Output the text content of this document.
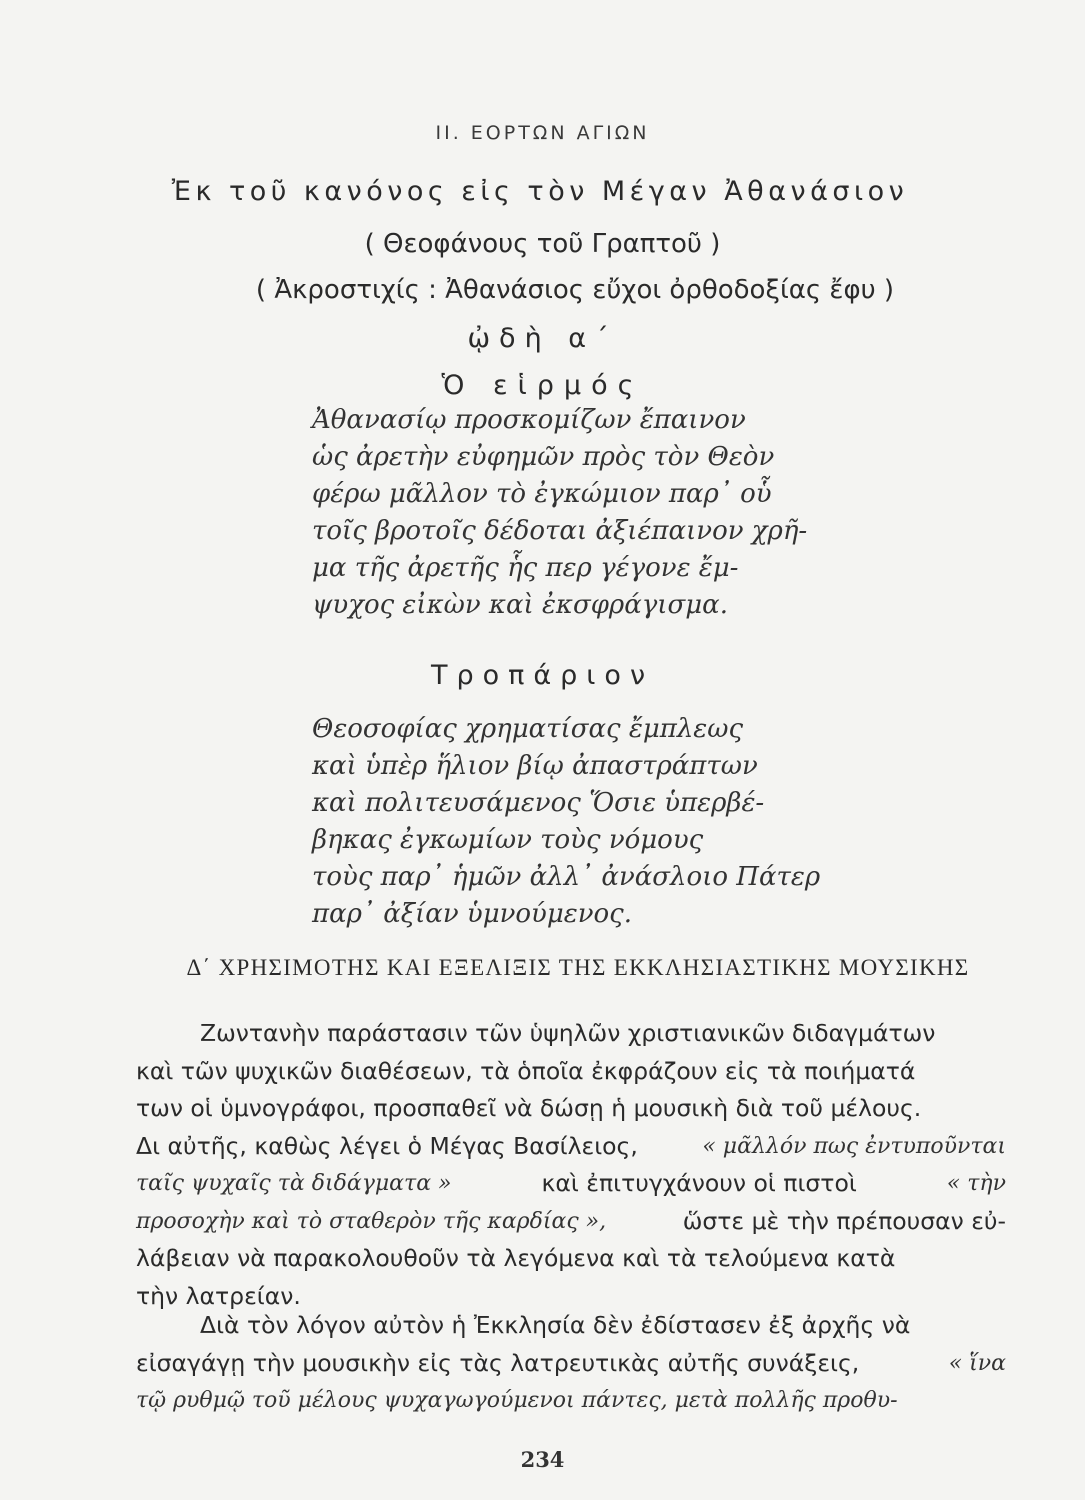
II. ΕΟΡΤΩΝ ΑΓΙΩΝ
Ἐκ τοῦ κανόνος εἰς τὸν Μέγαν Ἀθανάσιον
( Θεοφάνους τοῦ Γραπτοῦ )
( Ἀκροστιχίς : Ἀθανάσιος εὔχοι ὀρθοδοξίας ἔφυ )
ᾠδὴ α΄
Ὁ εἱρμός
Ἀθανασίῳ προσκομίζων ἔπαινον
ὡς ἀρετὴν εὐφημῶν πρὸς τὸν Θεὸν
φέρω μᾶλλον τὸ ἐγκώμιον παρ᾽ οὗ
τοῖς βροτοῖς δέδοται ἀξιέπαινον χρῆ-
μα τῆς ἀρετῆς ἧς περ γέγονε ἔμ-
ψυχος εἰκὼν καὶ ἐκσφράγισμα.
Τροπάριον
Θεοσοφίας χρηματίσας ἔμπλεως
καὶ ὑπὲρ ἥλιον βίῳ ἀπαστράπτων
καὶ πολιτευσάμενος Ὅσιε ὑπερβέ-
βηκας ἐγκωμίων τοὺς νόμους
τοὺς παρ᾽ ἡμῶν ἀλλ᾽ ἀνάσλοιο Πάτερ
παρ᾽ ἀξίαν ὑμνούμενος.
Δ΄ ΧΡΗΣΙΜΟΤΗΣ ΚΑΙ ΕΞΕΛΙΞΙΣ ΤΗΣ ΕΚΚΛΗΣΙΑΣΤΙΚΗΣ ΜΟΥΣΙΚΗΣ
Ζωντανὴν παράστασιν τῶν ὑψηλῶν χριστιανικῶν διδαγμάτων
καὶ τῶν ψυχικῶν διαθέσεων, τὰ ὁποῖα ἐκφράζουν εἰς τὰ ποιήματά
των οἱ ὑμνογράφοι, προσπαθεῖ νὰ δώσῃ ἡ μουσικὴ διὰ τοῦ μέλους.
Δι αὐτῆς, καθὼς λέγει ὁ Μέγας Βασίλειος,	« μᾶλλόν πως ἐντυποῦνται
ταῖς ψυχαῖς τὰ διδάγματα »	καὶ ἐπιτυγχάνουν οἱ πιστοὶ	« τὴν
προσοχὴν καὶ τὸ σταθερὸν τῆς καρδίας »,	ὥστε μὲ τὴν πρέπουσαν εὐ-
λάβειαν νὰ παρακολουθοῦν τὰ λεγόμενα καὶ τὰ τελούμενα κατὰ
τὴν λατρείαν.
Διὰ τὸν λόγον αὐτὸν ἡ Ἐκκλησία δὲν ἐδίστασεν ἐξ ἀρχῆς νὰ
εἰσαγάγῃ τὴν μουσικὴν εἰς τὰς λατρευτικὰς αὐτῆς συνάξεις,	« ἵνα
τῷ ρυθμῷ τοῦ μέλους ψυχαγωγούμενοι πάντες, μετὰ πολλῆς προθυ-
234
